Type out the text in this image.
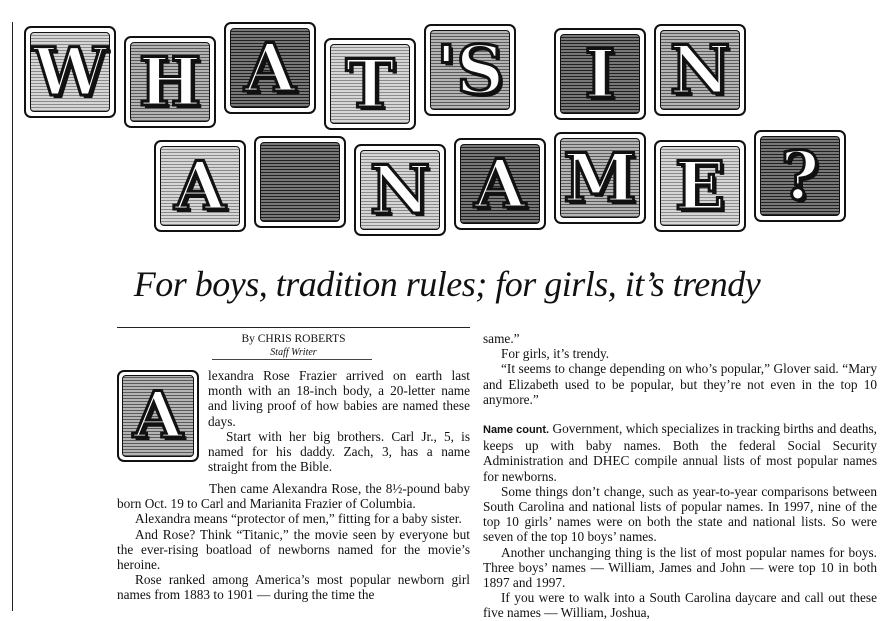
W H A T 'S I N
A N A M E ?
For boys, tradition rules; for girls, it’s trendy
By CHRIS ROBERTS
Staff Writer
A

lexandra Rose Frazier arrived on earth last month with an 18-inch body, a 20-letter name and living proof of how babies are named these days.

Start with her big brothers. Carl Jr., 5, is named for his daddy. Zach, 3, has a name straight from the Bible.

Then came Alexandra Rose, the 8½-pound baby born Oct. 19 to Carl and Marianita Frazier of Columbia.

Alexandra means “protector of men,” fitting for a baby sister.

And Rose? Think “Titanic,” the movie seen by everyone but the ever-rising boatload of newborns named for the movie’s heroine.

Rose ranked among America’s most popular newborn girl names from 1883 to 1901 — during the time the

same.”

For girls, it’s trendy.

“It seems to change depending on who’s popular,” Glover said. “Mary and Elizabeth used to be popular, but they’re not even in the top 10 anymore.”

Name count. Government, which specializes in tracking births and deaths, keeps up with baby names. Both the federal Social Security Administration and DHEC compile annual lists of most popular names for newborns.

Some things don’t change, such as year-to-year comparisons between South Carolina and national lists of popular names. In 1997, nine of the top 10 girls’ names were on both the state and national lists. So were seven of the top 10 boys’ names.

Another unchanging thing is the list of most popular names for boys. Three boys’ names — William, James and John — were top 10 in both 1897 and 1997.

If you were to walk into a South Carolina daycare and call out these five names — William, Joshua,
